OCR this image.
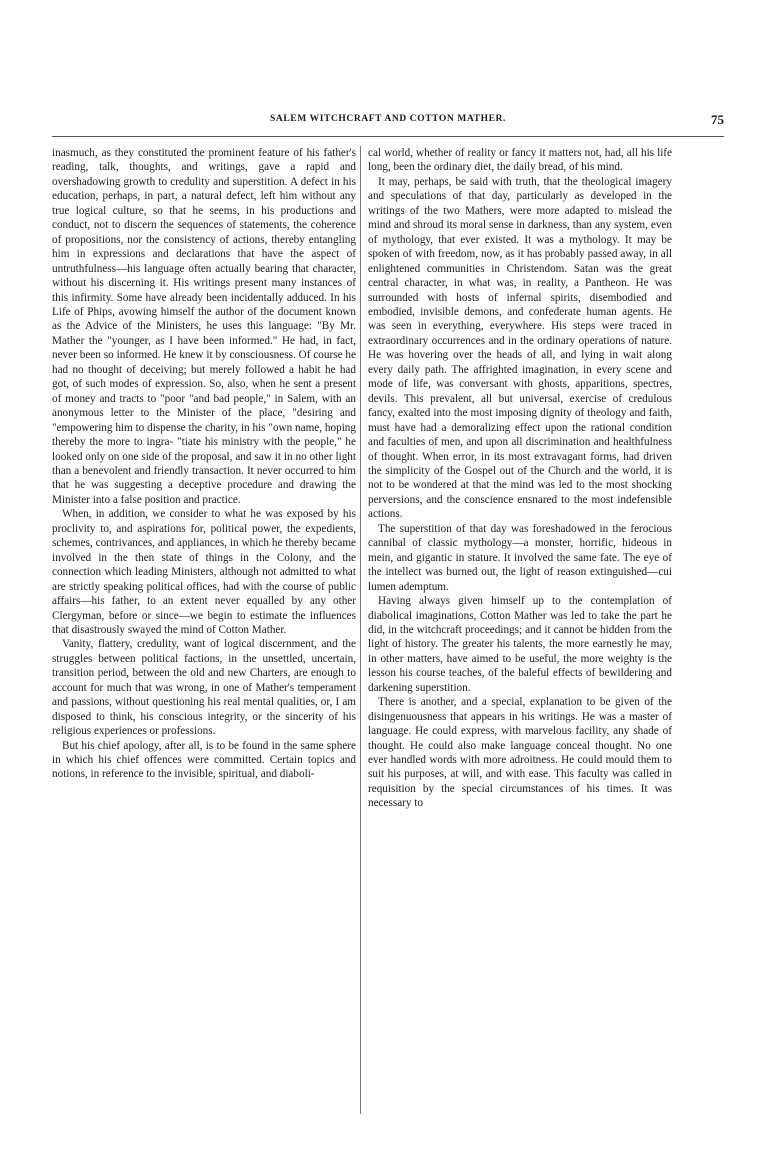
SALEM WITCHCRAFT AND COTTON MATHER.	75

inasmuch, as they constituted the prominent feature of his father's reading, talk, thoughts, and writings, gave a rapid and overshadowing growth to credulity and superstition. A defect in his education, perhaps, in part, a natural defect, left him without any true logical culture, so that he seems, in his productions and conduct, not to discern the sequences of statements, the coherence of propositions, nor the consistency of actions, thereby entangling him in expressions and declarations that have the aspect of untruthfulness—his language often actually bearing that character, without his discerning it. His writings present many instances of this infirmity. Some have already been incidentally adduced. In his Life of Phips, avowing himself the author of the document known as the Advice of the Ministers, he uses this language: "By Mr. Mather the "younger, as I have been informed." He had, in fact, never been so informed. He knew it by consciousness. Of course he had no thought of deceiving; but merely followed a habit he had got, of such modes of expression. So, also, when he sent a present of money and tracts to "poor "and bad people," in Salem, with an anonymous letter to the Minister of the place, "desiring and "empowering him to dispense the charity, in his "own name, hoping thereby the more to ingra- "tiate his ministry with the people," he looked only on one side of the proposal, and saw it in no other light than a benevolent and friendly transaction. It never occurred to him that he was suggesting a deceptive procedure and drawing the Minister into a false position and practice.

When, in addition, we consider to what he was exposed by his proclivity to, and aspirations for, political power, the expedients, schemes, contrivances, and appliances, in which he thereby became involved in the then state of things in the Colony, and the connection which leading Ministers, although not admitted to what are strictly speaking political offices, had with the course of public affairs—his father, to an extent never equalled by any other Clergyman, before or since—we begin to estimate the influences that disastrously swayed the mind of Cotton Mather.

Vanity, flattery, credulity, want of logical discernment, and the struggles between political factions, in the unsettled, uncertain, transition period, between the old and new Charters, are enough to account for much that was wrong, in one of Mather's temperament and passions, without questioning his real mental qualities, or, I am disposed to think, his conscious integrity, or the sincerity of his religious experiences or professions.

But his chief apology, after all, is to be found in the same sphere in which his chief offences were committed. Certain topics and notions, in reference to the invisible, spiritual, and diaboli-

cal world, whether of reality or fancy it matters not, had, all his life long, been the ordinary diet, the daily bread, of his mind.

It may, perhaps, be said with truth, that the theological imagery and speculations of that day, particularly as developed in the writings of the two Mathers, were more adapted to mislead the mind and shroud its moral sense in darkness, than any system, even of mythology, that ever existed. It was a mythology. It may be spoken of with freedom, now, as it has probably passed away, in all enlightened communities in Christendom. Satan was the great central character, in what was, in reality, a Pantheon. He was surrounded with hosts of infernal spirits, disembodied and embodied, invisible demons, and confederate human agents. He was seen in everything, everywhere. His steps were traced in extraordinary occurrences and in the ordinary operations of nature. He was hovering over the heads of all, and lying in wait along every daily path. The affrighted imagination, in every scene and mode of life, was conversant with ghosts, apparitions, spectres, devils. This prevalent, all but universal, exercise of credulous fancy, exalted into the most imposing dignity of theology and faith, must have had a demoralizing effect upon the rational condition and faculties of men, and upon all discrimination and healthfulness of thought. When error, in its most extravagant forms, had driven the simplicity of the Gospel out of the Church and the world, it is not to be wondered at that the mind was led to the most shocking perversions, and the conscience ensnared to the most indefensible actions.

The superstition of that day was foreshadowed in the ferocious cannibal of classic mythology—a monster, horrific, hideous in mein, and gigantic in stature. It involved the same fate. The eye of the intellect was burned out, the light of reason extinguished—cui lumen ademptum.

Having always given himself up to the contemplation of diabolical imaginations, Cotton Mather was led to take the part he did, in the witchcraft proceedings; and it cannot be hidden from the light of history. The greater his talents, the more earnestly he may, in other matters, have aimed to be useful, the more weighty is the lesson his course teaches, of the baleful effects of bewildering and darkening superstition.

There is another, and a special, explanation to be given of the disingenuousness that appears in his writings. He was a master of language. He could express, with marvelous facility, any shade of thought. He could also make language conceal thought. No one ever handled words with more adroitness. He could mould them to suit his purposes, at will, and with ease. This faculty was called in requisition by the special circumstances of his times. It was necessary to
